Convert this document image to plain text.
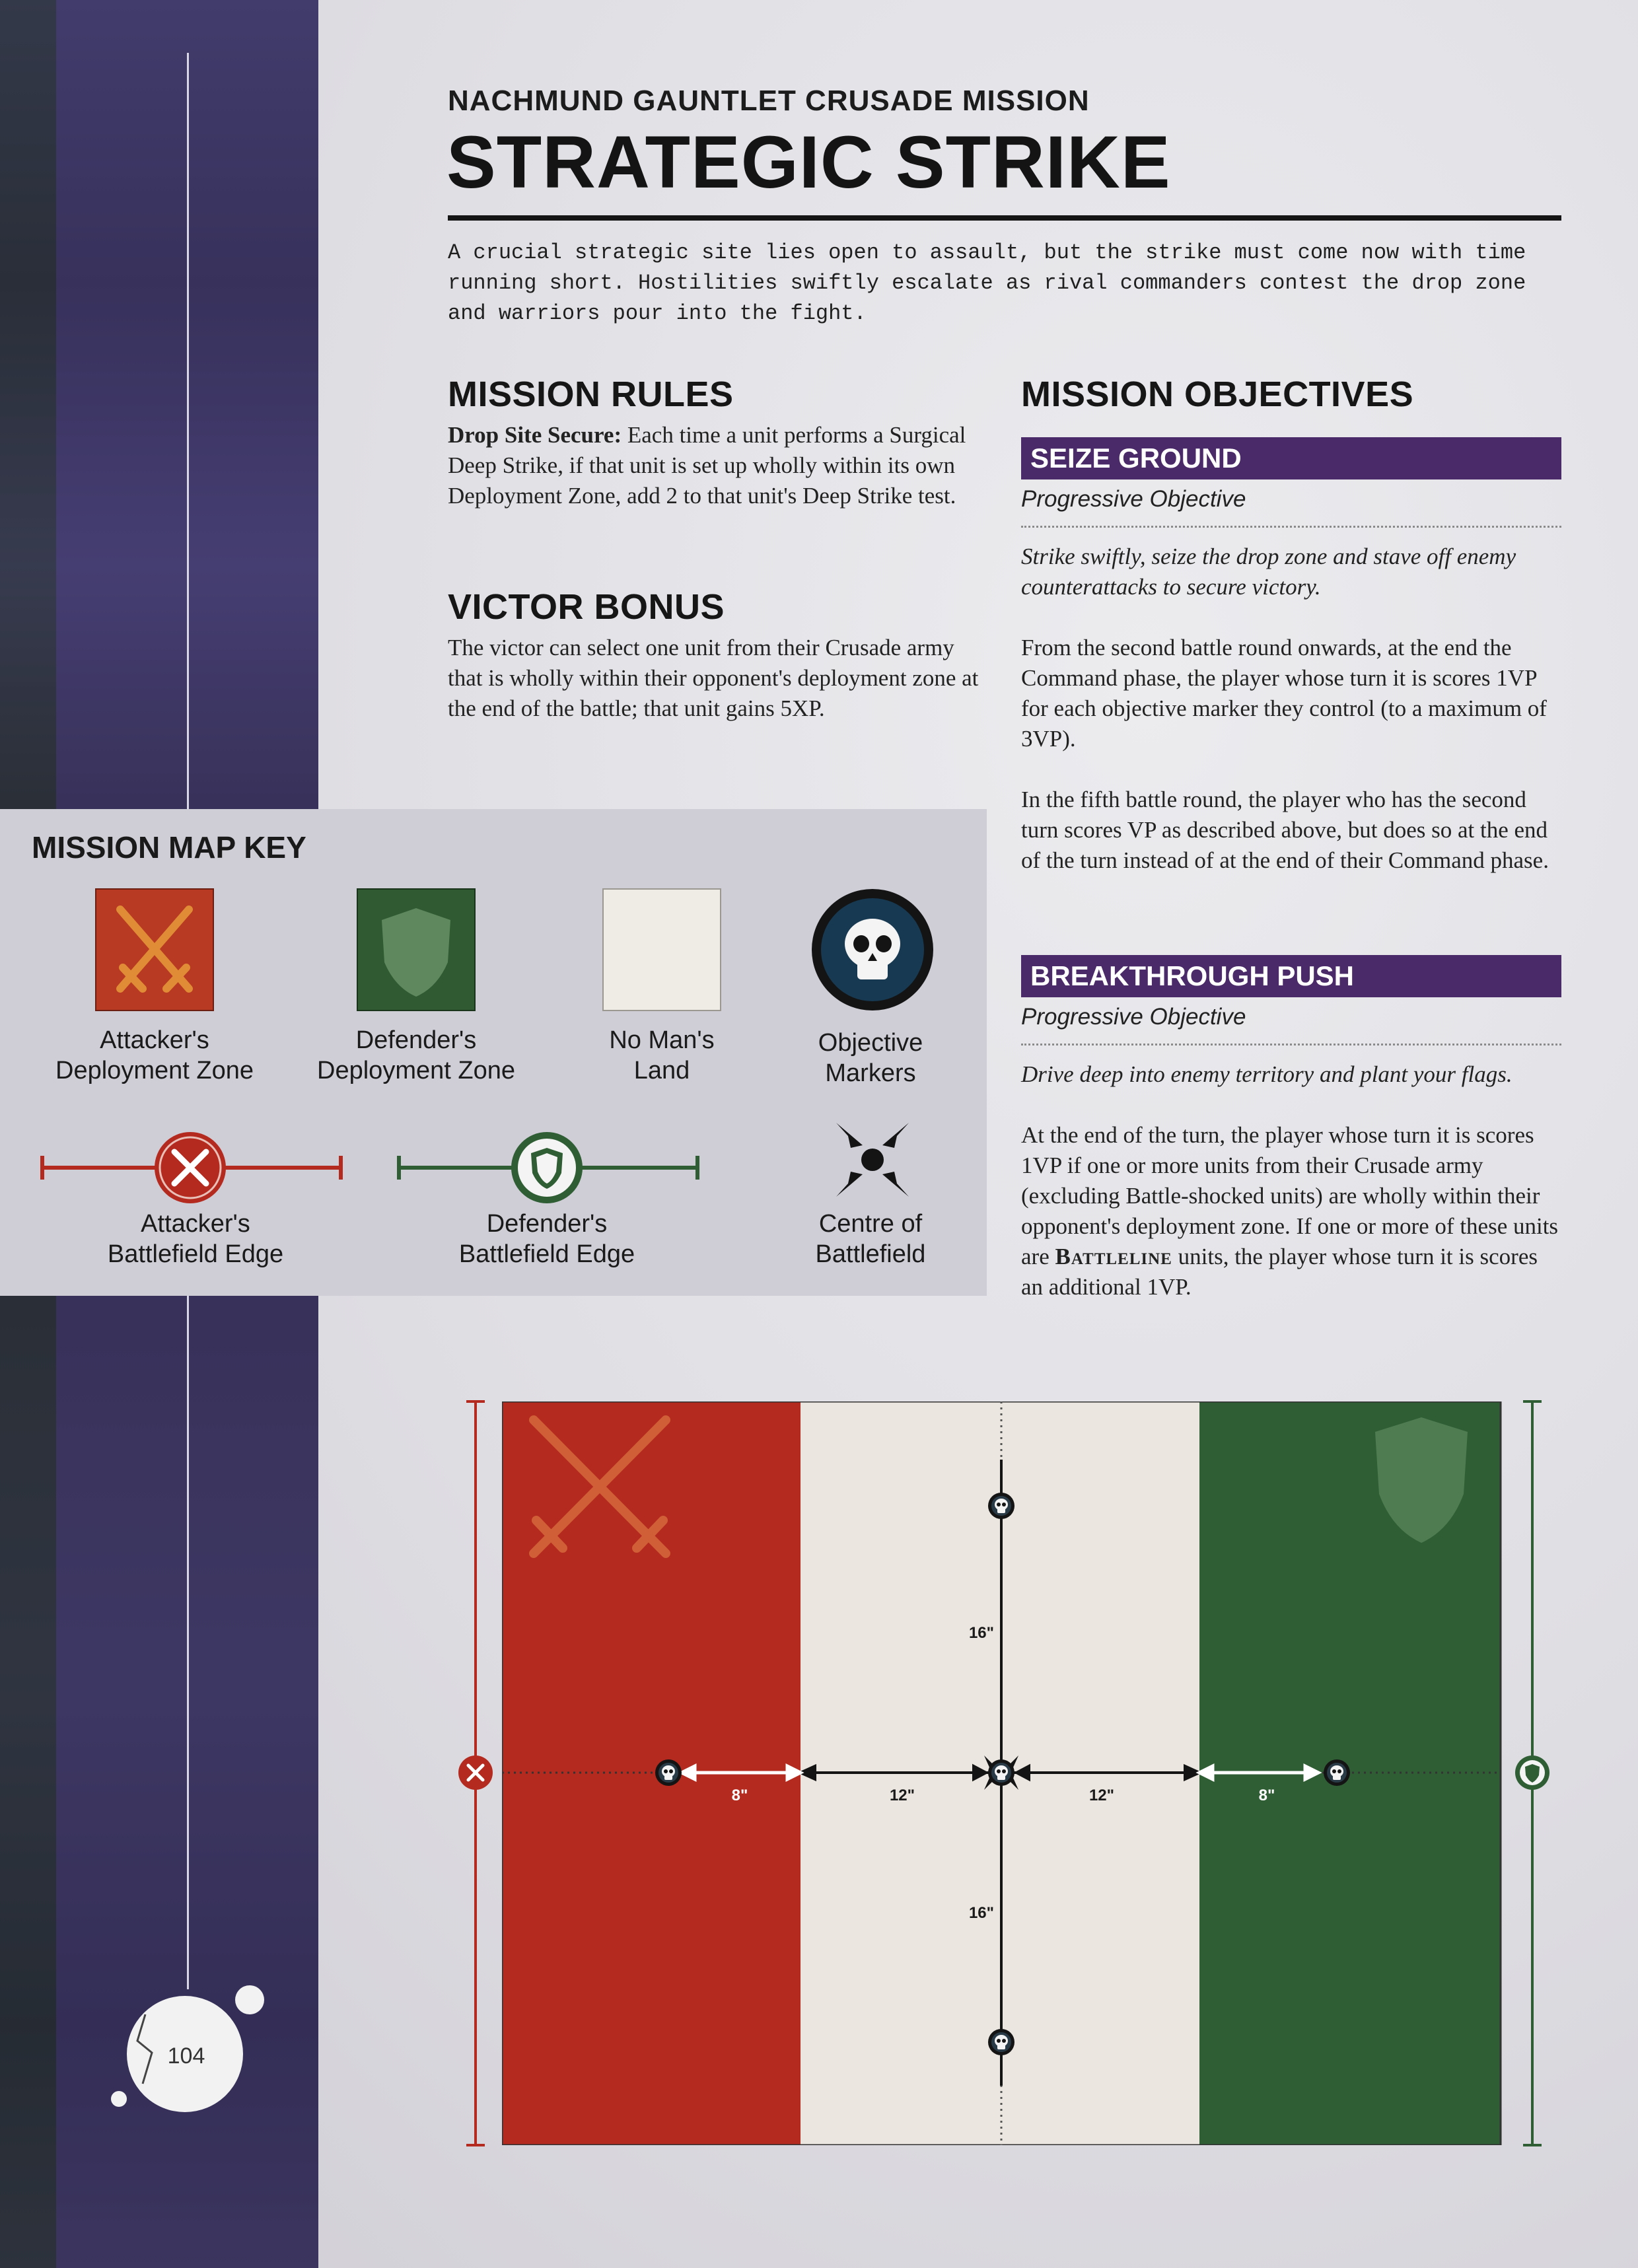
104
NACHMUND GAUNTLET CRUSADE MISSION
STRATEGIC STRIKE
A crucial strategic site lies open to assault, but the strike must come now with time running short. Hostilities swiftly escalate as rival commanders contest the drop zone and warriors pour into the fight.
MISSION RULES
Drop Site Secure: Each time a unit performs a Surgical Deep Strike, if that unit is set up wholly within its own Deployment Zone, add 2 to that unit's Deep Strike test.
VICTOR BONUS
The victor can select one unit from their Crusade army that is wholly within their opponent's deployment zone at the end of the battle; that unit gains 5XP.
MISSION OBJECTIVES
SEIZE GROUND
Progressive Objective
Strike swiftly, seize the drop zone and stave off enemy counterattacks to secure victory.
From the second battle round onwards, at the end the Command phase, the player whose turn it is scores 1VP for each objective marker they control (to a maximum of 3VP).
In the fifth battle round, the player who has the second turn scores VP as described above, but does so at the end of the turn instead of at the end of their Command phase.
BREAKTHROUGH PUSH
Progressive Objective
Drive deep into enemy territory and plant your flags.
At the end of the turn, the player whose turn it is scores 1VP if one or more units from their Crusade army (excluding Battle-shocked units) are wholly within their opponent's deployment zone. If one or more of these units are Battleline units, the player whose turn it is scores an additional 1VP.
MISSION MAP KEY
Attacker's
Deployment Zone
Defender's
Deployment Zone
No Man's
Land
Objective
Markers
Attacker's
Battlefield Edge
Defender's
Battlefield Edge
Centre of
Battlefield
8"	12"	12"	8"
16"
16"
